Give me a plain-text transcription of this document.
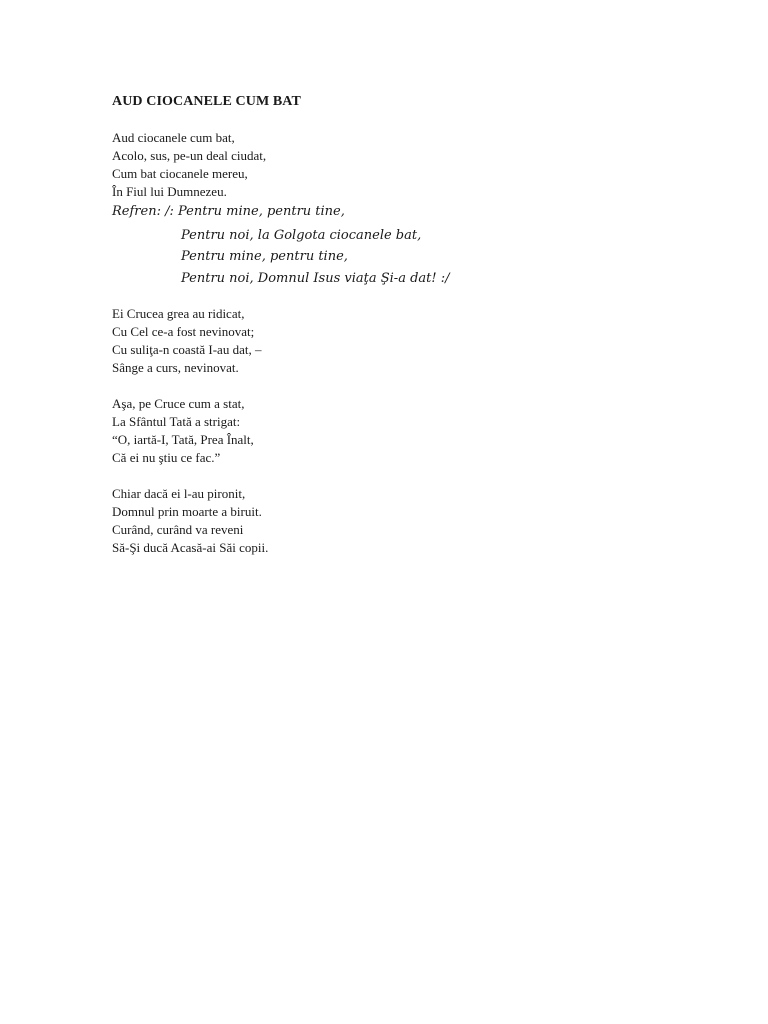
AUD CIOCANELE CUM BAT
Aud ciocanele cum bat,
Acolo, sus, pe-un deal ciudat,
Cum bat ciocanele mereu,
În Fiul lui Dumnezeu.
Refren: /: Pentru mine, pentru tine,
Pentru noi, la Golgota ciocanele bat,
Pentru mine, pentru tine,
Pentru noi, Domnul Isus viaţa Şi-a dat! :/
Ei Crucea grea au ridicat,
Cu Cel ce-a fost nevinovat;
Cu suliţa-n coastă I-au dat, –
Sânge a curs, nevinovat.
Aşa, pe Cruce cum a stat,
La Sfântul Tată a strigat:
“O, iartă-I, Tată, Prea Înalt,
Că ei nu ştiu ce fac.”
Chiar dacă ei l-au pironit,
Domnul prin moarte a biruit.
Curând, curând va reveni
Să-Şi ducă Acasă-ai Săi copii.
